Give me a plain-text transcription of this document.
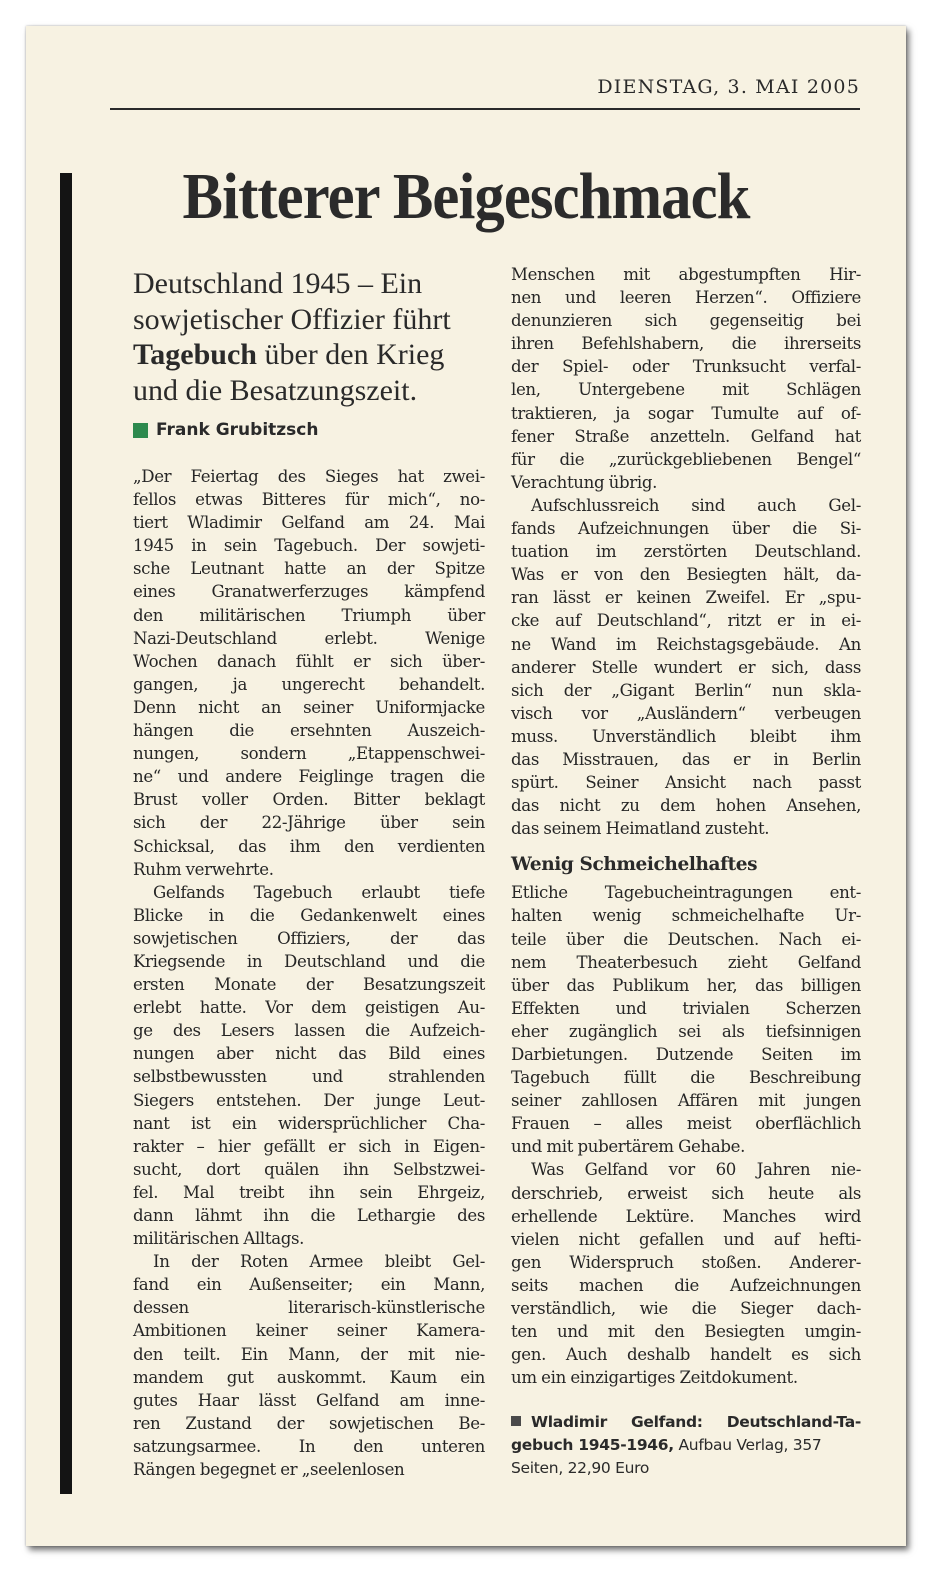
DIENSTAG, 3. MAI 2005
Bitterer Beigeschmack

Deutschland 1945 – Ein sowjetischer Offizier führt Tagebuch über den Krieg und die Besatzungszeit.

Frank Grubitzsch

„Der Feiertag des Sieges hat zwei-
fellos etwas Bitteres für mich“, no-
tiert Wladimir Gelfand am 24. Mai
1945 in sein Tagebuch. Der sowjeti-
sche Leutnant hatte an der Spitze
eines Granatwerferzuges kämpfend
den militärischen Triumph über
Nazi-Deutschland erlebt. Wenige
Wochen danach fühlt er sich über-
gangen, ja ungerecht behandelt.
Denn nicht an seiner Uniformjacke
hängen die ersehnten Auszeich-
nungen, sondern „Etappenschwei-
ne“ und andere Feiglinge tragen die
Brust voller Orden. Bitter beklagt
sich der 22-Jährige über sein
Schicksal, das ihm den verdienten
Ruhm verwehrte.

Gelfands Tagebuch erlaubt tiefe
Blicke in die Gedankenwelt eines
sowjetischen Offiziers, der das
Kriegsende in Deutschland und die
ersten Monate der Besatzungszeit
erlebt hatte. Vor dem geistigen Au-
ge des Lesers lassen die Aufzeich-
nungen aber nicht das Bild eines
selbstbewussten und strahlenden
Siegers entstehen. Der junge Leut-
nant ist ein widersprüchlicher Cha-
rakter – hier gefällt er sich in Eigen-
sucht, dort quälen ihn Selbstzwei-
fel. Mal treibt ihn sein Ehrgeiz,
dann lähmt ihn die Lethargie des
militärischen Alltags.

In der Roten Armee bleibt Gel-
fand ein Außenseiter; ein Mann,
dessen literarisch-künstlerische
Ambitionen keiner seiner Kamera-
den teilt. Ein Mann, der mit nie-
mandem gut auskommt. Kaum ein
gutes Haar lässt Gelfand am inne-
ren Zustand der sowjetischen Be-
satzungsarmee. In den unteren
Rängen begegnet er „seelenlosen

Menschen mit abgestumpften Hir-
nen und leeren Herzen“. Offiziere
denunzieren sich gegenseitig bei
ihren Befehlshabern, die ihrerseits
der Spiel- oder Trunksucht verfal-
len, Untergebene mit Schlägen
traktieren, ja sogar Tumulte auf of-
fener Straße anzetteln. Gelfand hat
für die „zurückgebliebenen Bengel“
Verachtung übrig.

Aufschlussreich sind auch Gel-
fands Aufzeichnungen über die Si-
tuation im zerstörten Deutschland.
Was er von den Besiegten hält, da-
ran lässt er keinen Zweifel. Er „spu-
cke auf Deutschland“, ritzt er in ei-
ne Wand im Reichstagsgebäude. An
anderer Stelle wundert er sich, dass
sich der „Gigant Berlin“ nun skla-
visch vor „Ausländern“ verbeugen
muss. Unverständlich bleibt ihm
das Misstrauen, das er in Berlin
spürt. Seiner Ansicht nach passt
das nicht zu dem hohen Ansehen,
das seinem Heimatland zusteht.

Wenig Schmeichelhaftes

Etliche Tagebucheintragungen ent-
halten wenig schmeichelhafte Ur-
teile über die Deutschen. Nach ei-
nem Theaterbesuch zieht Gelfand
über das Publikum her, das billigen
Effekten und trivialen Scherzen
eher zugänglich sei als tiefsinnigen
Darbietungen. Dutzende Seiten im
Tagebuch füllt die Beschreibung
seiner zahllosen Affären mit jungen
Frauen – alles meist oberflächlich
und mit pubertärem Gehabe.

Was Gelfand vor 60 Jahren nie-
derschrieb, erweist sich heute als
erhellende Lektüre. Manches wird
vielen nicht gefallen und auf hefti-
gen Widerspruch stoßen. Anderer-
seits machen die Aufzeichnungen
verständlich, wie die Sieger dach-
ten und mit den Besiegten umgin-
gen. Auch deshalb handelt es sich
um ein einzigartiges Zeitdokument.

Wladimir Gelfand: Deutschland-Ta-
gebuch 1945-1946, Aufbau Verlag, 357
Seiten, 22,90 Euro
